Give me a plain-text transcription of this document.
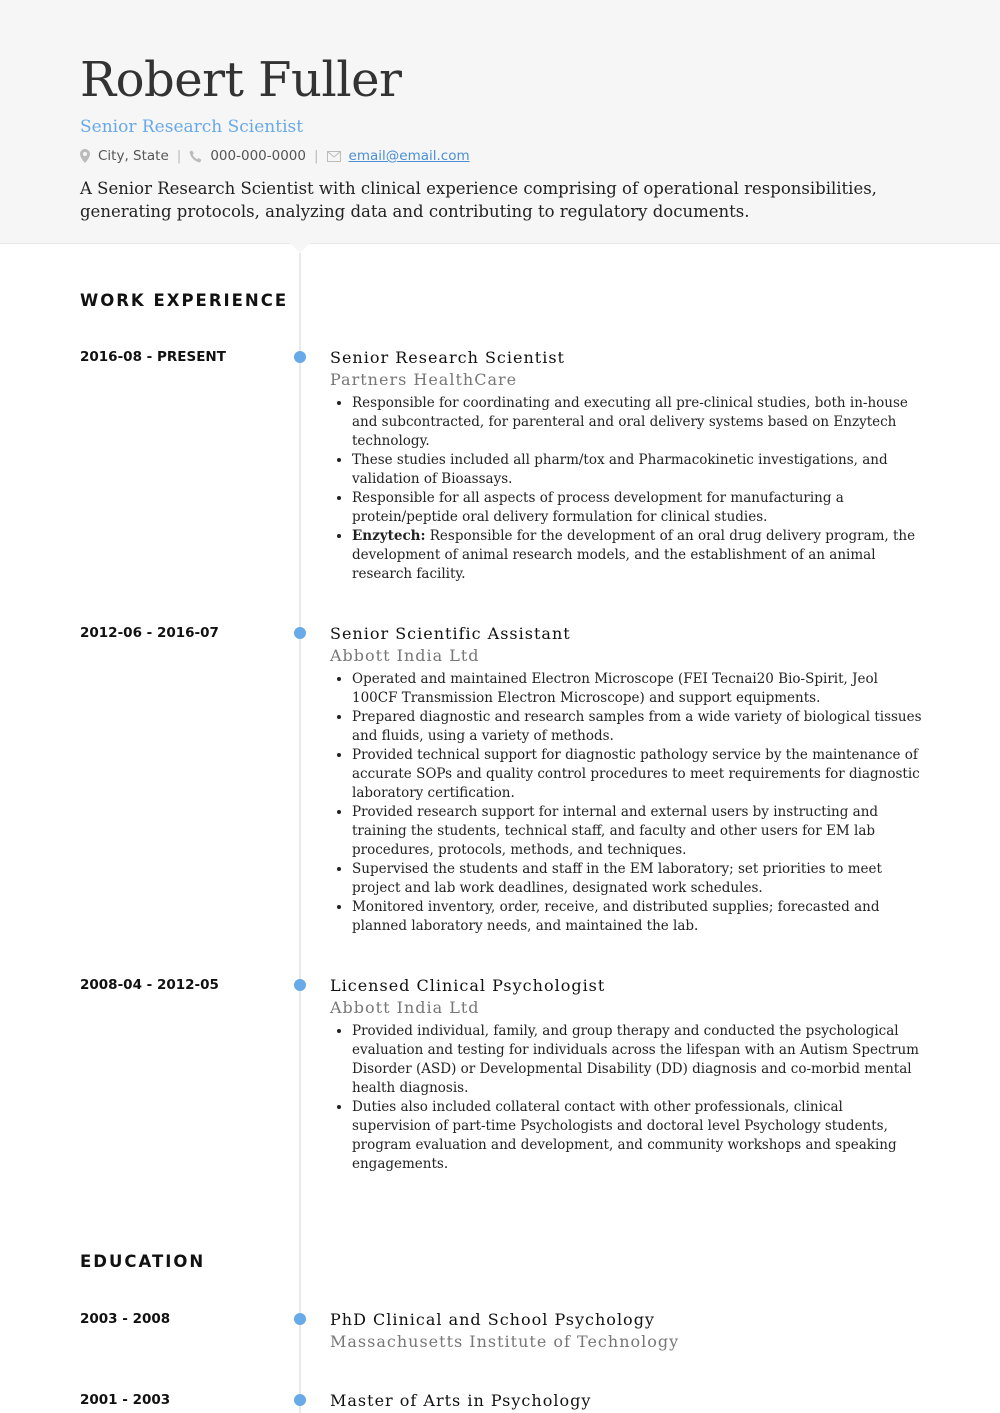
Robert Fuller
Senior Research Scientist
City, State | 000-000-0000 | email@email.com
A Senior Research Scientist with clinical experience comprising of operational responsibilities, generating protocols, analyzing data and contributing to regulatory documents.
WORK EXPERIENCE
2016-08 - PRESENT	Senior Research Scientist
Partners HealthCare
• Responsible for coordinating and executing all pre-clinical studies, both in-house and subcontracted, for parenteral and oral delivery systems based on Enzytech technology.
• These studies included all pharm/tox and Pharmacokinetic investigations, and validation of Bioassays.
• Responsible for all aspects of process development for manufacturing a protein/peptide oral delivery formulation for clinical studies.
• Enzytech: Responsible for the development of an oral drug delivery program, the development of animal research models, and the establishment of an animal research facility.
2012-06 - 2016-07	Senior Scientific Assistant
Abbott India Ltd
• Operated and maintained Electron Microscope (FEI Tecnai20 Bio-Spirit, Jeol 100CF Transmission Electron Microscope) and support equipments.
• Prepared diagnostic and research samples from a wide variety of biological tissues and fluids, using a variety of methods.
• Provided technical support for diagnostic pathology service by the maintenance of accurate SOPs and quality control procedures to meet requirements for diagnostic laboratory certification.
• Provided research support for internal and external users by instructing and training the students, technical staff, and faculty and other users for EM lab procedures, protocols, methods, and techniques.
• Supervised the students and staff in the EM laboratory; set priorities to meet project and lab work deadlines, designated work schedules.
• Monitored inventory, order, receive, and distributed supplies; forecasted and planned laboratory needs, and maintained the lab.
2008-04 - 2012-05	Licensed Clinical Psychologist
Abbott India Ltd
• Provided individual, family, and group therapy and conducted the psychological evaluation and testing for individuals across the lifespan with an Autism Spectrum Disorder (ASD) or Developmental Disability (DD) diagnosis and co-morbid mental health diagnosis.
• Duties also included collateral contact with other professionals, clinical supervision of part-time Psychologists and doctoral level Psychology students, program evaluation and development, and community workshops and speaking engagements.
EDUCATION
2003 - 2008	PhD Clinical and School Psychology
Massachusetts Institute of Technology
2001 - 2003	Master of Arts in Psychology
